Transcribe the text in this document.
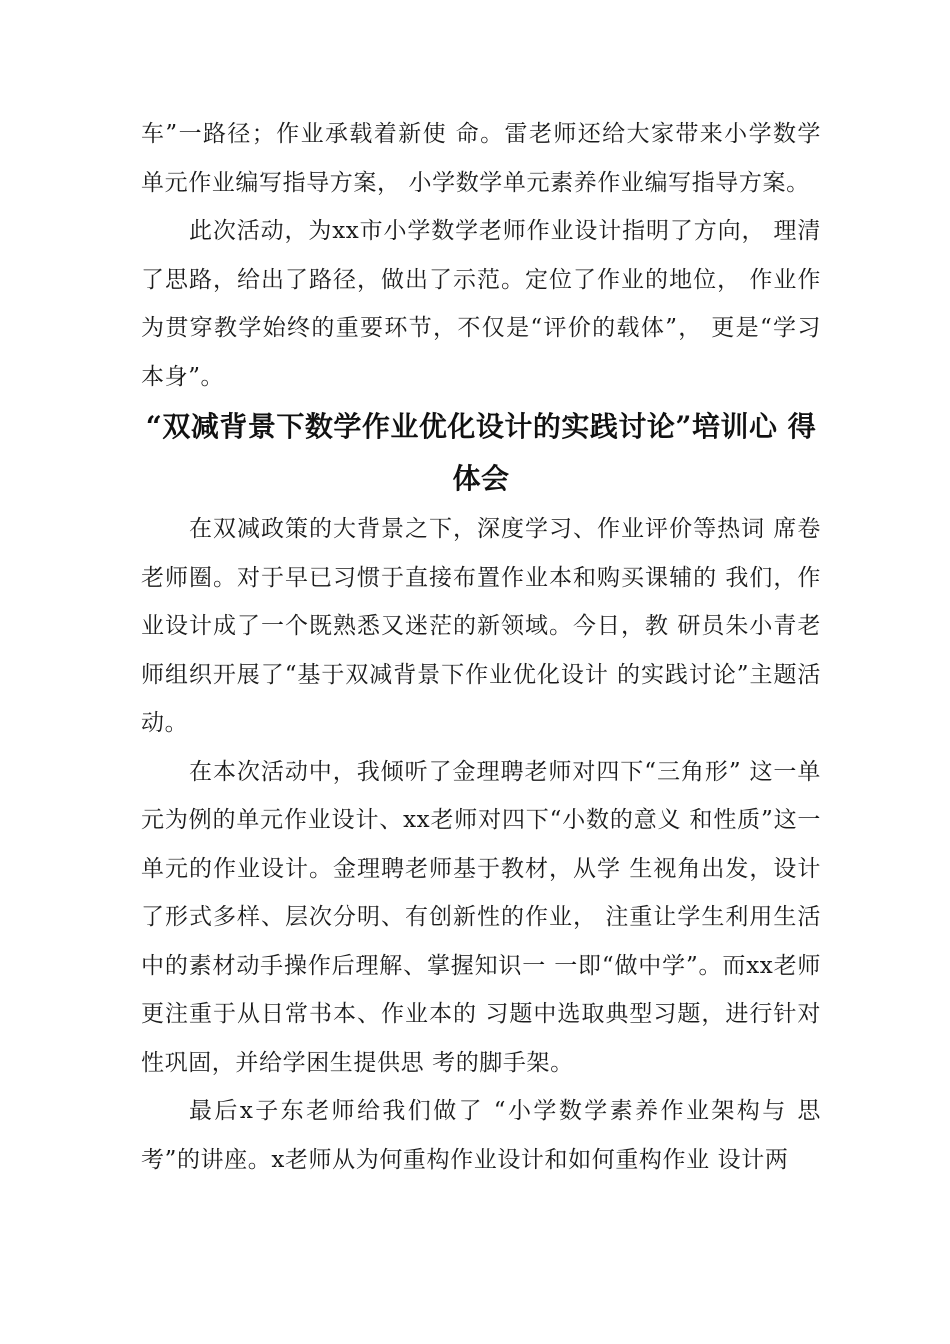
车”一路径；作业承载着新使 命。雷老师还给大家带来小学数学单元作业编写指导方案， 小学数学单元素养作业编写指导方案。

此次活动，为xx市小学数学老师作业设计指明了方向， 理清了思路，给出了路径，做出了示范。定位了作业的地位， 作业作为贯穿教学始终的重要环节，不仅是“评价的载体”， 更是“学习本身”。

“双减背景下数学作业优化设计的实践讨论”培训心 得
体会

在双减政策的大背景之下，深度学习、作业评价等热词 席卷老师圈。对于早已习惯于直接布置作业本和购买课辅的 我们，作业设计成了一个既熟悉又迷茫的新领域。今日，教 研员朱小青老师组织开展了“基于双减背景下作业优化设计 的实践讨论”主题活动。

在本次活动中，我倾听了金理聘老师对四下“三角形” 这一单元为例的单元作业设计、xx老师对四下“小数的意义 和性质”这一单元的作业设计。金理聘老师基于教材，从学 生视角出发，设计了形式多样、层次分明、有创新性的作业， 注重让学生利用生活中的素材动手操作后理解、掌握知识一 一即“做中学”。而xx老师更注重于从日常书本、作业本的 习题中选取典型习题，进行针对性巩固，并给学困生提供思 考的脚手架。

最后x子东老师给我们做了 “小学数学素养作业架构与 思考”的讲座。x老师从为何重构作业设计和如何重构作业 设计两
